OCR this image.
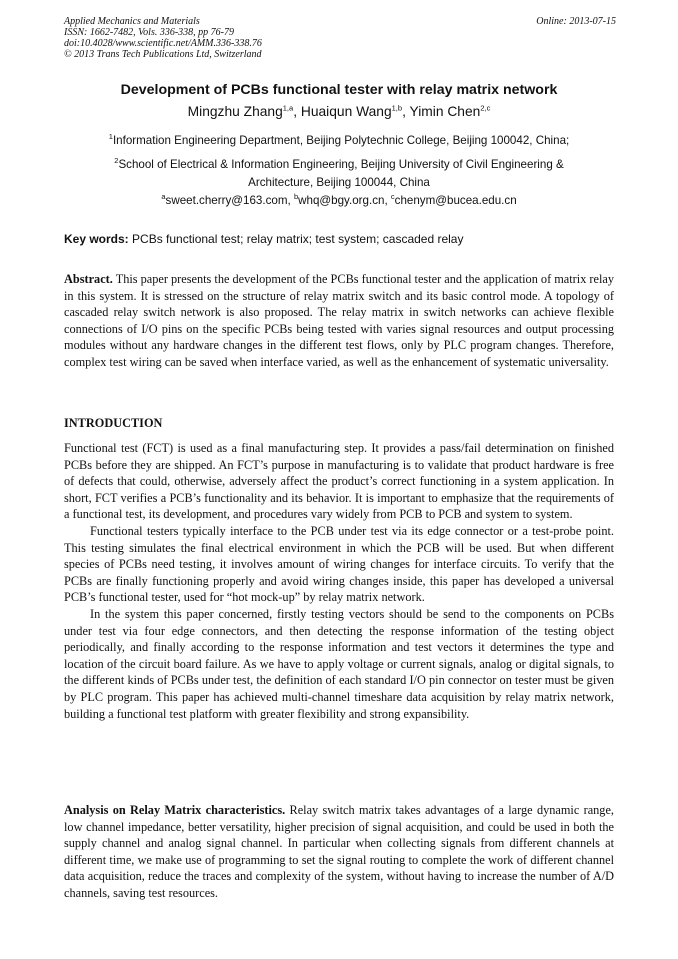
Applied Mechanics and Materials
ISSN: 1662-7482, Vols. 336-338, pp 76-79
doi:10.4028/www.scientific.net/AMM.336-338.76
© 2013 Trans Tech Publications Ltd, Switzerland
Online: 2013-07-15
Development of PCBs functional tester with relay matrix network
Mingzhu Zhang$^{1,a}$, Huaiqun Wang$^{1,b}$, Yimin Chen$^{2,c}$
$^1$Information Engineering Department, Beijing Polytechnic College, Beijing 100042, China;
$^2$School of Electrical & Information Engineering, Beijing University of Civil Engineering &
Architecture, Beijing 100044, China
$^a$sweet.cherry@163.com, $^b$whq@bgy.org.cn, $^c$chenym@bucea.edu.cn
Key words: PCBs functional test; relay matrix; test system; cascaded relay

Abstract. This paper presents the development of the PCBs functional tester and the application of matrix relay in this system. It is stressed on the structure of relay matrix switch and its basic control mode. A topology of cascaded relay switch network is also proposed. The relay matrix in switch networks can achieve flexible connections of I/O pins on the specific PCBs being tested with varies signal resources and output processing modules without any hardware changes in the different test flows, only by PLC program changes. Therefore, complex test wiring can be saved when interface varied, as well as the enhancement of systematic universality.

INTRODUCTION

Functional test (FCT) is used as a final manufacturing step. It provides a pass/fail determination on finished PCBs before they are shipped. An FCT’s purpose in manufacturing is to validate that product hardware is free of defects that could, otherwise, adversely affect the product’s correct functioning in a system application. In short, FCT verifies a PCB’s functionality and its behavior. It is important to emphasize that the requirements of a functional test, its development, and procedures vary widely from PCB to PCB and system to system.

Functional testers typically interface to the PCB under test via its edge connector or a test-probe point. This testing simulates the final electrical environment in which the PCB will be used. But when different species of PCBs need testing, it involves amount of wiring changes for interface circuits. To verify that the PCBs are finally functioning properly and avoid wiring changes inside, this paper has developed a universal PCB’s functional tester, used for “hot mock-up” by relay matrix network.

In the system this paper concerned, firstly testing vectors should be send to the components on PCBs under test via four edge connectors, and then detecting the response information of the testing object periodically, and finally according to the response information and test vectors it determines the type and location of the circuit board failure. As we have to apply voltage or current signals, analog or digital signals, to the different kinds of PCBs under test, the definition of each standard I/O pin connector on tester must be given by PLC program. This paper has achieved multi-channel timeshare data acquisition by relay matrix network, building a functional test platform with greater flexibility and strong expansibility.

Analysis on Relay Matrix characteristics. Relay switch matrix takes advantages of a large dynamic range, low channel impedance, better versatility, higher precision of signal acquisition, and could be used in both the supply channel and analog signal channel. In particular when collecting signals from different channels at different time, we make use of programming to set the signal routing to complete the work of different channel data acquisition, reduce the traces and complexity of the system, without having to increase the number of A/D channels, saving test resources.
